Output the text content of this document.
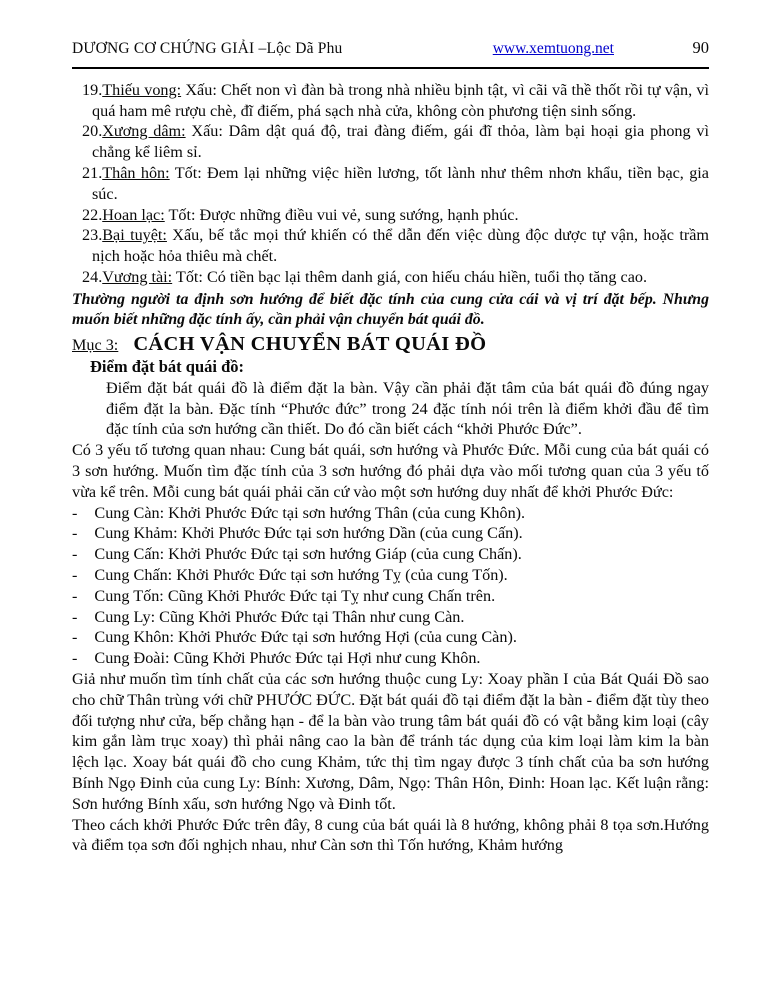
DƯƠNG CƠ CHỨNG GIẢI –Lộc Dã Phu	www.xemtuong.net	90
19.Thiếu vong: Xấu: Chết non vì đàn bà trong nhà nhiều bịnh tật, vì cãi vã thề thốt rồi tự vận, vì quá ham mê rượu chè, đĩ điếm, phá sạch nhà cửa, không còn phương tiện sinh sống.
20.Xương dâm: Xấu: Dâm dật quá độ, trai đàng điếm, gái đĩ thỏa, làm bại hoại gia phong vì chẳng kể liêm sỉ.
21.Thân hôn: Tốt: Đem lại những việc hiền lương, tốt lành như thêm nhơn khẩu, tiền bạc, gia súc.
22.Hoan lạc: Tốt: Được những điều vui vẻ, sung sướng, hạnh phúc.
23.Bại tuyệt: Xấu, bế tắc mọi thứ khiến có thể dẫn đến việc dùng độc dược tự vận, hoặc trầm nịch hoặc hỏa thiêu mà chết.
24.Vương tài: Tốt: Có tiền bạc lại thêm danh giá, con hiếu cháu hiền, tuổi thọ tăng cao.
Thường người ta định sơn hướng để biết đặc tính của cung cửa cái và vị trí đặt bếp. Nhưng muốn biết những đặc tính ấy, cần phải vận chuyển bát quái đồ.
Mục 3: CÁCH VẬN CHUYỂN BÁT QUÁI ĐỒ
Điểm đặt bát quái đồ:
Điểm đặt bát quái đồ là điểm đặt la bàn. Vậy cần phải đặt tâm của bát quái đồ đúng ngay điểm đặt la bàn. Đặc tính “Phước đức” trong 24 đặc tính nói trên là điểm khởi đầu để tìm đặc tính của sơn hướng cần thiết. Do đó cần biết cách “khởi Phước Đức”.
Có 3 yếu tố tương quan nhau: Cung bát quái, sơn hướng và Phước Đức. Mỗi cung của bát quái có 3 sơn hướng. Muốn tìm đặc tính của 3 sơn hướng đó phải dựa vào mối tương quan của 3 yếu tố vừa kể trên. Mỗi cung bát quái phải căn cứ vào một sơn hướng duy nhất để khởi Phước Đức:
- Cung Càn: Khởi Phước Đức tại sơn hướng Thân (của cung Khôn).
- Cung Khảm: Khởi Phước Đức tại sơn hướng Dần (của cung Cấn).
- Cung Cấn: Khởi Phước Đức tại sơn hướng Giáp (của cung Chấn).
- Cung Chấn: Khởi Phước Đức tại sơn hướng Tỵ (của cung Tốn).
- Cung Tốn: Cũng Khởi Phước Đức tại Tỵ như cung Chấn trên.
- Cung Ly: Cũng Khởi Phước Đức tại Thân như cung Càn.
- Cung Khôn: Khởi Phước Đức tại sơn hướng Hợi (của cung Càn).
- Cung Đoài: Cũng Khởi Phước Đức tại Hợi như cung Khôn.
Giả như muốn tìm tính chất của các sơn hướng thuộc cung Ly: Xoay phần I của Bát Quái Đồ sao cho chữ Thân trùng với chữ PHƯỚC ĐỨC. Đặt bát quái đồ tại điểm đặt la bàn - điểm đặt tùy theo đối tượng như cửa, bếp chẳng hạn - để la bàn vào trung tâm bát quái đồ có vật bằng kim loại (cây kim gắn làm trục xoay) thì phải nâng cao la bàn để tránh tác dụng của kim loại làm kim la bàn lệch lạc. Xoay bát quái đồ cho cung Khảm, tức thị tìm ngay được 3 tính chất của ba sơn hướng Bính Ngọ Đinh của cung Ly: Bính: Xương, Dâm, Ngọ: Thân Hôn, Đinh: Hoan lạc. Kết luận rằng: Sơn hướng Bính xấu, sơn hướng Ngọ và Đinh tốt.
Theo cách khởi Phước Đức trên đây, 8 cung của bát quái là 8 hướng, không phải 8 tọa sơn.Hướng và điểm tọa sơn đối nghịch nhau, như Càn sơn thì Tốn hướng, Khảm hướng
